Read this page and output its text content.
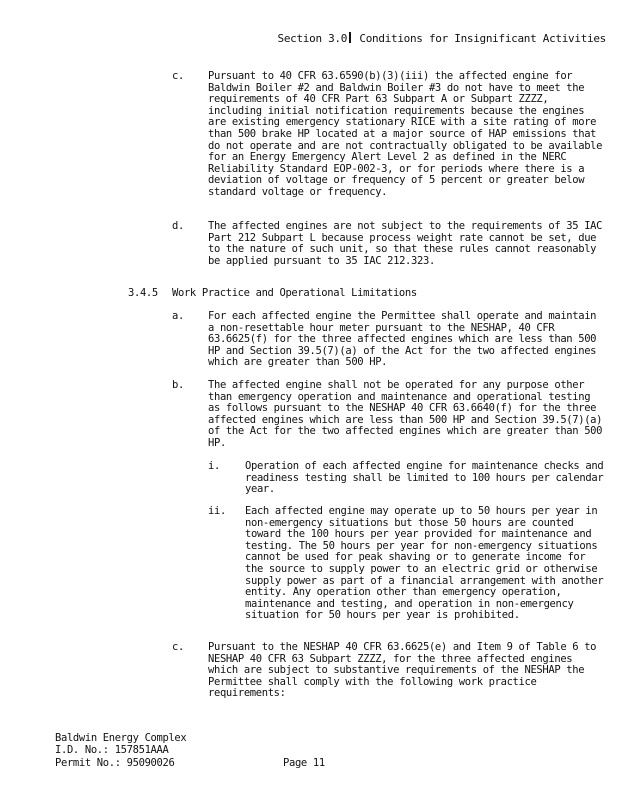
Section 3.0 Conditions for Insignificant Activities
c. Pursuant to 40 CFR 63.6590(b)(3)(iii) the affected engine for Baldwin Boiler #2 and Baldwin Boiler #3 do not have to meet the requirements of 40 CFR Part 63 Subpart A or Subpart ZZZZ, including initial notification requirements because the engines are existing emergency stationary RICE with a site rating of more than 500 brake HP located at a major source of HAP emissions that do not operate and are not contractually obligated to be available for an Energy Emergency Alert Level 2 as defined in the NERC Reliability Standard EOP-002-3, or for periods where there is a deviation of voltage or frequency of 5 percent or greater below standard voltage or frequency.
d. The affected engines are not subject to the requirements of 35 IAC Part 212 Subpart L because process weight rate cannot be set, due to the nature of such unit, so that these rules cannot reasonably be applied pursuant to 35 IAC 212.323.
3.4.5 Work Practice and Operational Limitations
a. For each affected engine the Permittee shall operate and maintain a non-resettable hour meter pursuant to the NESHAP, 40 CFR 63.6625(f) for the three affected engines which are less than 500 HP and Section 39.5(7)(a) of the Act for the two affected engines which are greater than 500 HP.
b. The affected engine shall not be operated for any purpose other than emergency operation and maintenance and operational testing as follows pursuant to the NESHAP 40 CFR 63.6640(f) for the three affected engines which are less than 500 HP and Section 39.5(7)(a) of the Act for the two affected engines which are greater than 500 HP.
i. Operation of each affected engine for maintenance checks and readiness testing shall be limited to 100 hours per calendar year.
ii. Each affected engine may operate up to 50 hours per year in non-emergency situations but those 50 hours are counted toward the 100 hours per year provided for maintenance and testing. The 50 hours per year for non-emergency situations cannot be used for peak shaving or to generate income for the source to supply power to an electric grid or otherwise supply power as part of a financial arrangement with another entity. Any operation other than emergency operation, maintenance and testing, and operation in non-emergency situation for 50 hours per year is prohibited.
c. Pursuant to the NESHAP 40 CFR 63.6625(e) and Item 9 of Table 6 to NESHAP 40 CFR 63 Subpart ZZZZ, for the three affected engines which are subject to substantive requirements of the NESHAP the Permittee shall comply with the following work practice requirements:
Baldwin Energy Complex
I.D. No.: 157851AAA
Permit No.: 95090026	Page 11
